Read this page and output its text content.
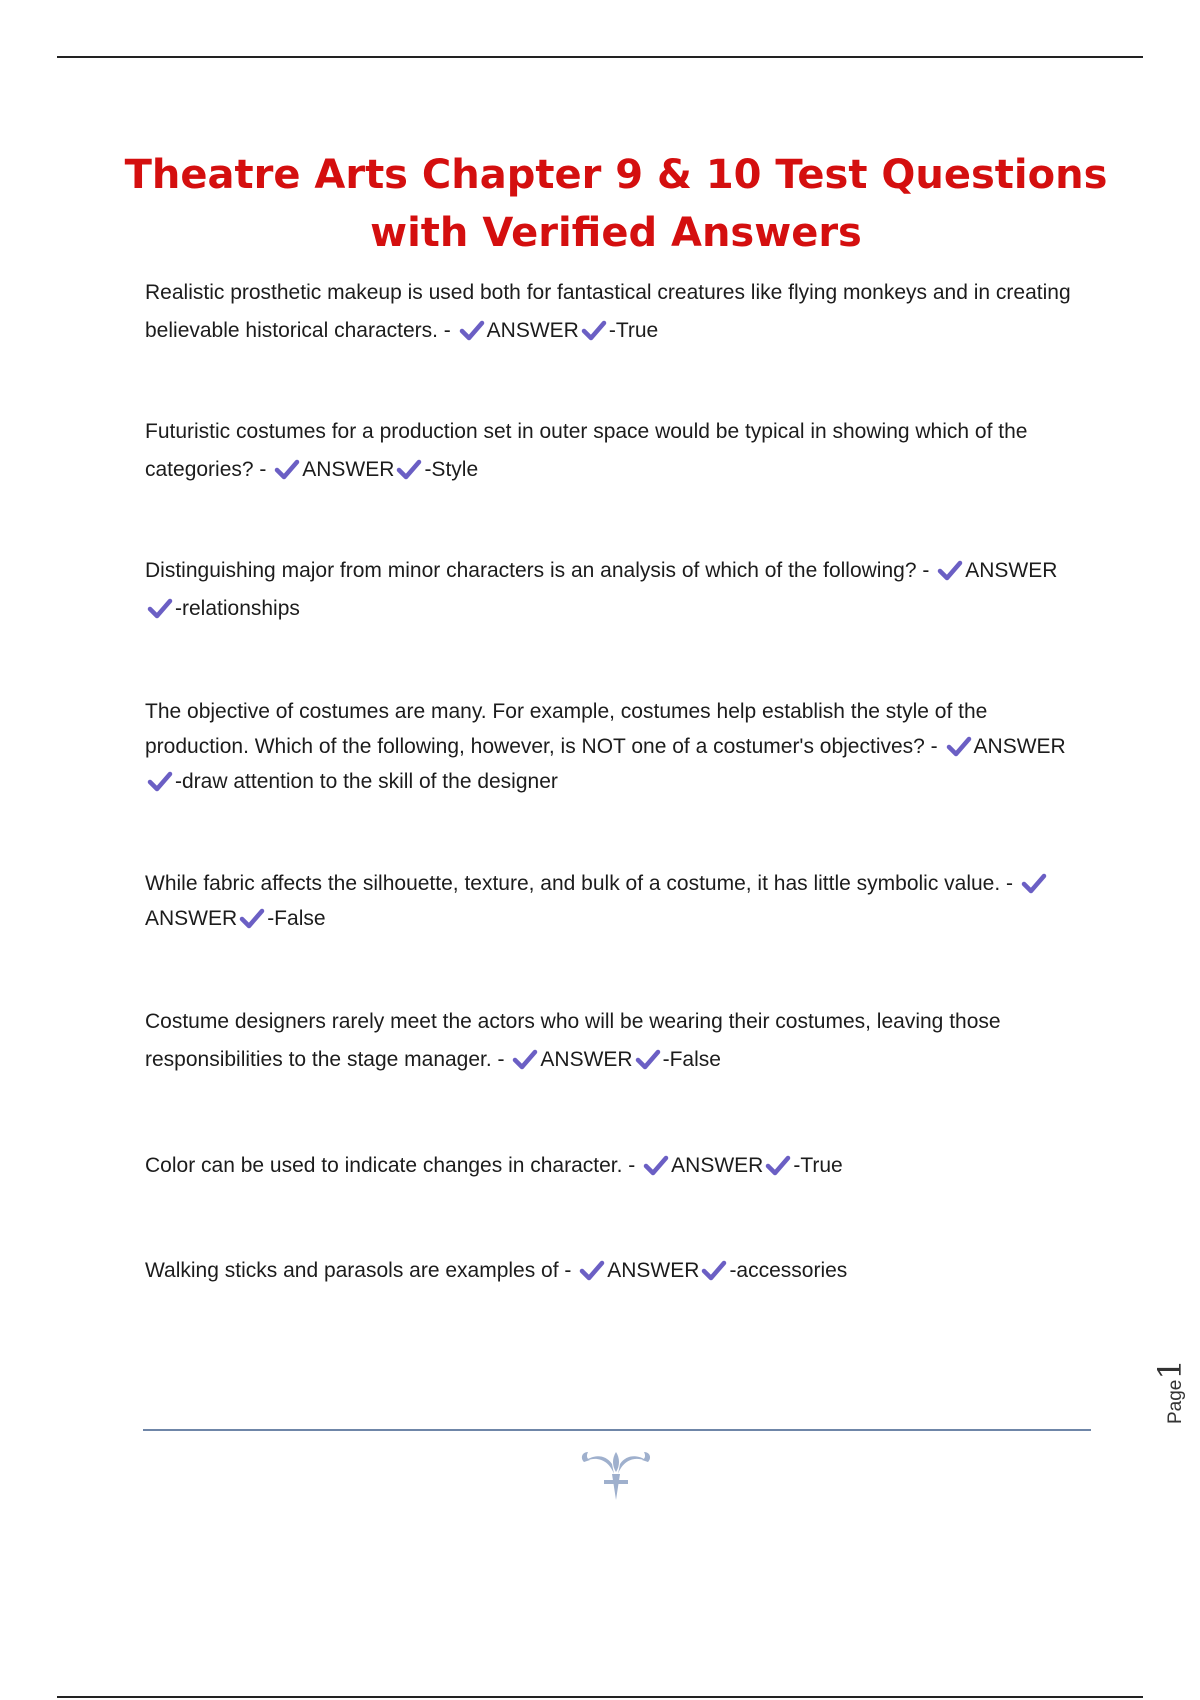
Theatre Arts Chapter 9 & 10 Test Questions with Verified Answers

Realistic prosthetic makeup is used both for fantastical creatures like flying monkeys and in creating believable historical characters. - ANSWER -True

Futuristic costumes for a production set in outer space would be typical in showing which of the categories? - ANSWER -Style

Distinguishing major from minor characters is an analysis of which of the following? - ANSWER
-relationships

The objective of costumes are many. For example, costumes help establish the style of the production. Which of the following, however, is NOT one of a costumer's objectives? - ANSWER
-draw attention to the skill of the designer

While fabric affects the silhouette, texture, and bulk of a costume, it has little symbolic value. -
ANSWER -False

Costume designers rarely meet the actors who will be wearing their costumes, leaving those responsibilities to the stage manager. - ANSWER -False

Color can be used to indicate changes in character. - ANSWER -True

Walking sticks and parasols are examples of - ANSWER -accessories

Page1
